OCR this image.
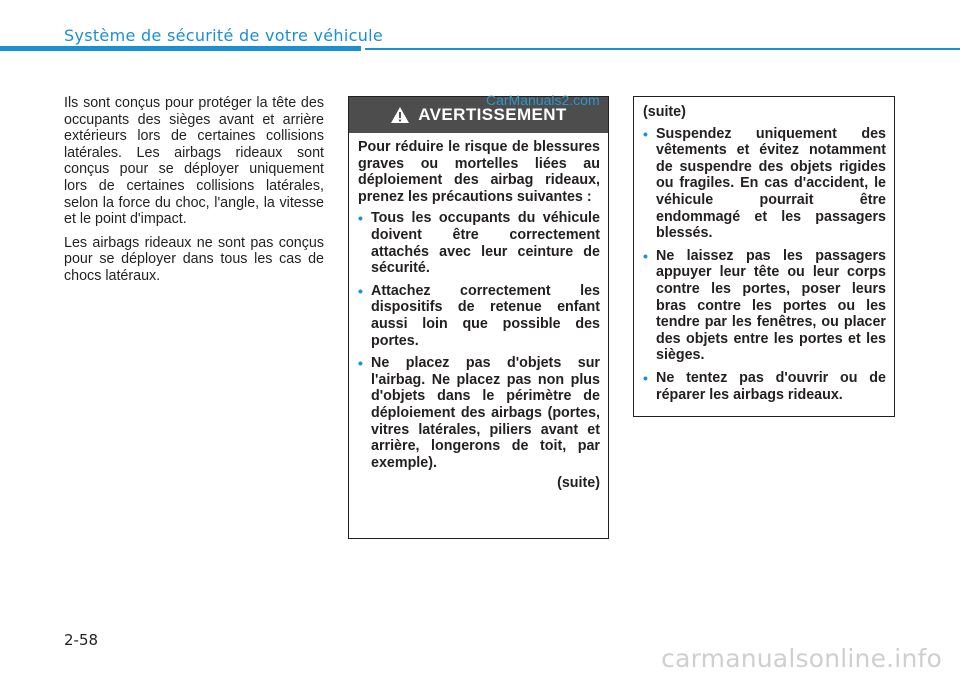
Système de sécurité de votre véhicule

Ils sont conçus pour protéger la tête des occupants des sièges avant et arrière extérieurs lors de certaines collisions latérales. Les airbags rideaux sont conçus pour se déployer uniquement lors de certaines collisions latérales, selon la force du choc, l'angle, la vitesse et le point d'impact.

Les airbags rideaux ne sont pas conçus pour se déployer dans tous les cas de chocs latéraux.

AVERTISSEMENT

Pour réduire le risque de blessures graves ou mortelles liées au déploiement des airbag rideaux, prenez les précautions suivantes :

• Tous les occupants du véhicule doivent être correctement attachés avec leur ceinture de sécurité.
• Attachez correctement les dispositifs de retenue enfant aussi loin que possible des portes.
• Ne placez pas d'objets sur l'airbag. Ne placez pas non plus d'objets dans le périmètre de déploiement des airbags (portes, vitres latérales, piliers avant et arrière, longerons de toit, par exemple).
(suite)
CarManuals2.com

(suite)

• Suspendez uniquement des vêtements et évitez notamment de suspendre des objets rigides ou fragiles. En cas d'accident, le véhicule pourrait être endommagé et les passagers blessés.
• Ne laissez pas les passagers appuyer leur tête ou leur corps contre les portes, poser leurs bras contre les portes ou les tendre par les fenêtres, ou placer des objets entre les portes et les sièges.
• Ne tentez pas d'ouvrir ou de réparer les airbags rideaux.
2-58
carmanualsonline.info
